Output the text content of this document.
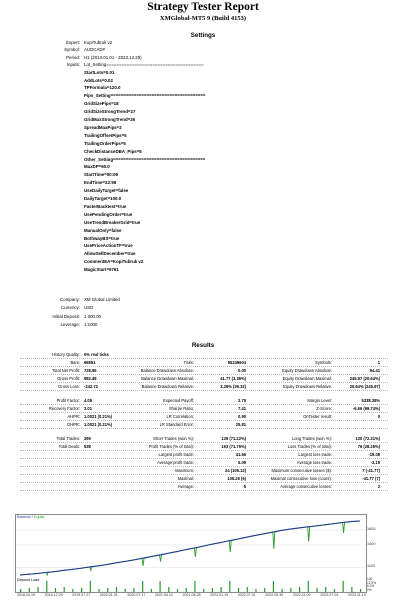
Strategy Tester Report
XMGlobal-MT5 9 (Build 4153)
Settings
Expert: KopiTubruk v2
Symbol: AUDCAD#
Period: H1 (2013.01.01 - 2023.12.29)
Inputs: Lot_Setting======================================
StartLots=0.01
AddLots=0.02
TPFormula=120.0
Pips_Setting=====================================
GridSizePips=18
GridSizeStrongTrend=27
GridMaxStrongTrend=26
SpreadMaxPips=2
TrailingOffsetPips=5
TrailingOrderPips=5
CheckDistanceDBA_Pips=5
Other_Setting====================================
MaxDP=60.0
StartTime=00:05
EndTime=22:59
UseDailyTarget=false
DailyTarget=100.0
FasterBacktest=true
UsePendingOrder=true
UseTrendBreakerGrid=true
ManualOnly=false
BothwayBS=true
UsePriceActionTF=true
AllowSellDecember=true
CommentEA=KopiTubruk v2
MagicStart=9761
Company: XM Global Limited
Currency: USD
Initial Deposit: 1 000.00
Leverage: 1:1000
Results
History Quality: 0% real ticks
Bars: 96851	Ticks:	95249604	Symbols:	1
Total Net Profit: 728.96	Balance Drawdown Absolute:	0.00	Equity Drawdown Absolute:	54.41
Gross Profit: 982.48	Balance Drawdown Maximal:	41.77 (3.35%)	Equity Drawdown Maximal:	245.97 (20.64%)
Gross Loss: -242.72	Balance Drawdown Relative:	3.29% (39.32)	Equity Drawdown Relative:	20.64% (245.97)
Profit Factor: 4.05	Expected Payoff:	2.75	Margin Level:	5338.38%
Recovery Factor: 3.01	Sharpe Ratio:	7.41	Z-Score:	-6.66 (99.74%)
AHPR: 1.0021 (0.21%)	LR Correlation:	0.90	OnTester result:	0
GHPR: 1.0021 (0.21%)	LR Standard Error:	25.81
Total Trades: 269	Short Trades (won %):	139 (71.22%)	Long Trades (won %):	130 (72.31%)
Total Deals: 538	Profit Trades (% of total):	193 (71.75%)	Loss Trades (% of total):	76 (28.25%)
Largest profit trade:	41.66	Largest loss trade:	-19.08
Average profit trade:	5.09	Average loss trade:	-3.19
Maximum:	24 (105.12)	Maximum consecutive losses ($):	7 (-41.77)
Maximal:	105.26 (6)	Maximal consecutive loss (count):	-41.77 (7)
Average:	5	Average consecutive losses:	2
Balance / Equity
1100
1400
1600
Deposit Load	100
12.5%
6.2%
0%
2016.04.19	2016.12.29	2019.07.27	2020.01.31	2020.07.17	2021.04.12	2021.08.28	2022.01.19	2022.07.31	2022.09.30	2022.11.09	2023.07.04	2023.11.19
